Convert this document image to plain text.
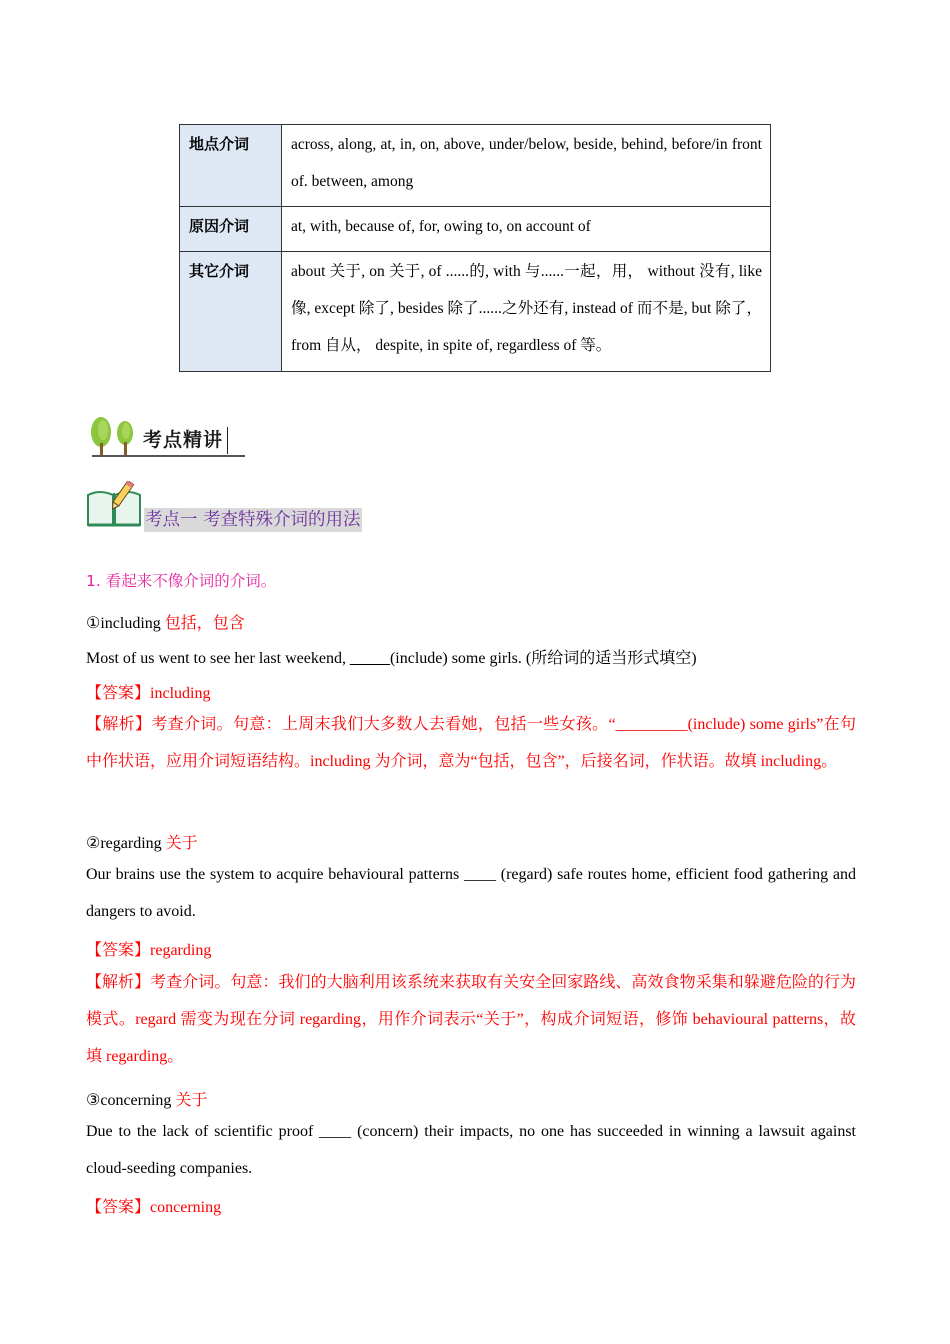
地点介词	across, along, at, in, on, above, under/below, beside, behind, before/in front of. between, among

原因介词	at, with, because of, for, owing to, on account of

其它介词	about 关于, on 关于, of ......的, with 与......一起，用， without 没有, like 像, except 除了, besides 除了......之外还有, instead of 而不是, but 除了， from 自从， despite, in spite of, regardless of 等。
考点精讲
考点一 考查特殊介词的用法
1. 看起来不像介词的介词。
①including 包括，包含
Most of us went to see her last weekend, _____(include) some girls. (所给词的适当形式填空)
【答案】including
【解析】考查介词。句意：上周末我们大多数人去看她，包括一些女孩。“_________(include) some girls”在句中作状语，应用介词短语结构。including 为介词，意为“包括，包含”，后接名词，作状语。故填 including。
②regarding 关于
Our brains use the system to acquire behavioural patterns ____ (regard) safe routes home, efficient food gathering and dangers to avoid.
【答案】regarding
【解析】考查介词。句意：我们的大脑利用该系统来获取有关安全回家路线、高效食物采集和躲避危险的行为模式。regard 需变为现在分词 regarding，用作介词表示“关于”，构成介词短语，修饰 behavioural patterns，故填 regarding。
③concerning 关于
Due to the lack of scientific proof ____ (concern) their impacts, no one has succeeded in winning a lawsuit against cloud-seeding companies.
【答案】concerning
